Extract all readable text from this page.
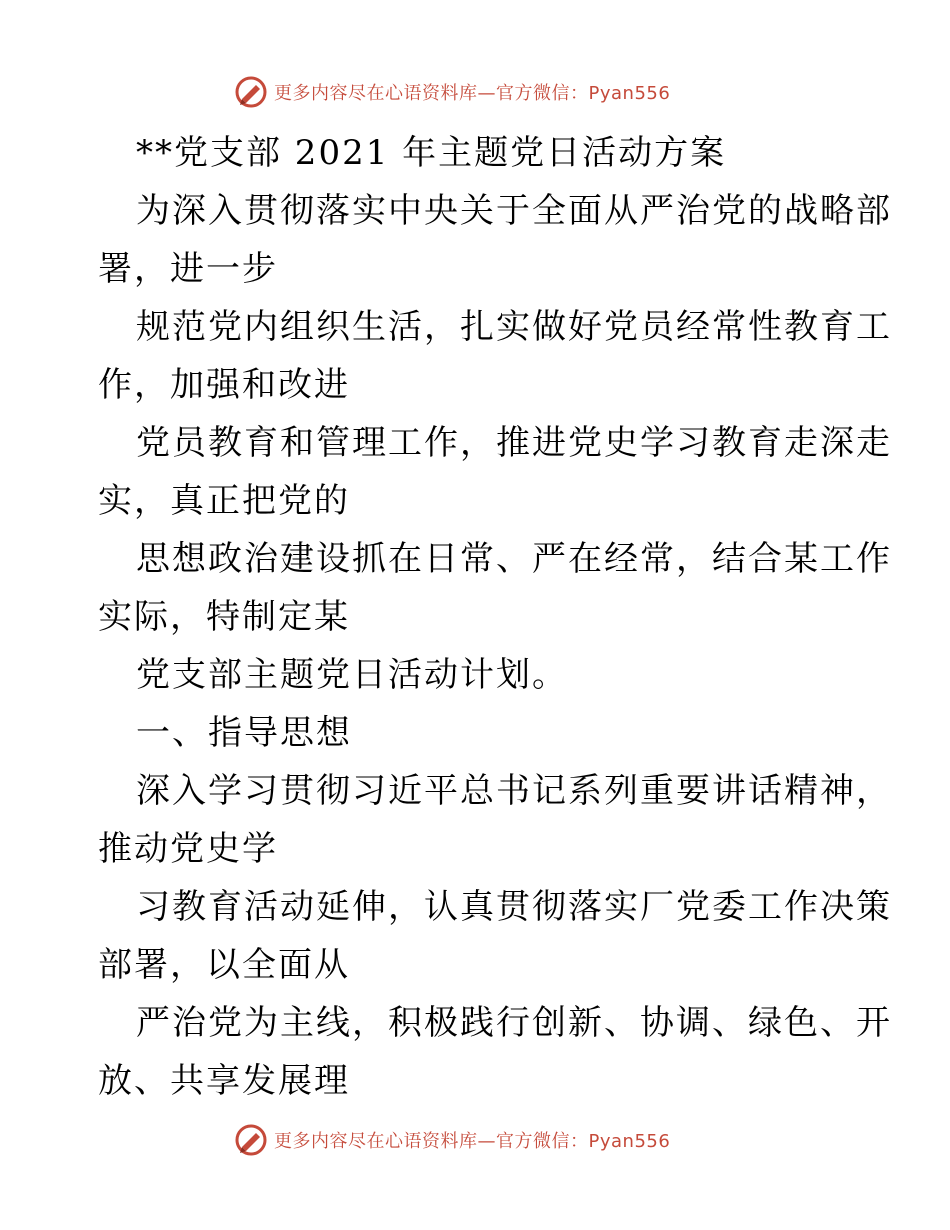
更多内容尽在心语资料库—官方微信：Pyan556
**党支部 2021 年主题党日活动方案
为深入贯彻落实中央关于全面从严治党的战略部
署，进一步
规范党内组织生活，扎实做好党员经常性教育工
作，加强和改进
党员教育和管理工作，推进党史学习教育走深走
实，真正把党的
思想政治建设抓在日常、严在经常，结合某工作
实际，特制定某
党支部主题党日活动计划。
一、指导思想
深入学习贯彻习近平总书记系列重要讲话精神，
推动党史学
习教育活动延伸，认真贯彻落实厂党委工作决策
部署，以全面从
严治党为主线，积极践行创新、协调、绿色、开
放、共享发展理
更多内容尽在心语资料库—官方微信：Pyan556
